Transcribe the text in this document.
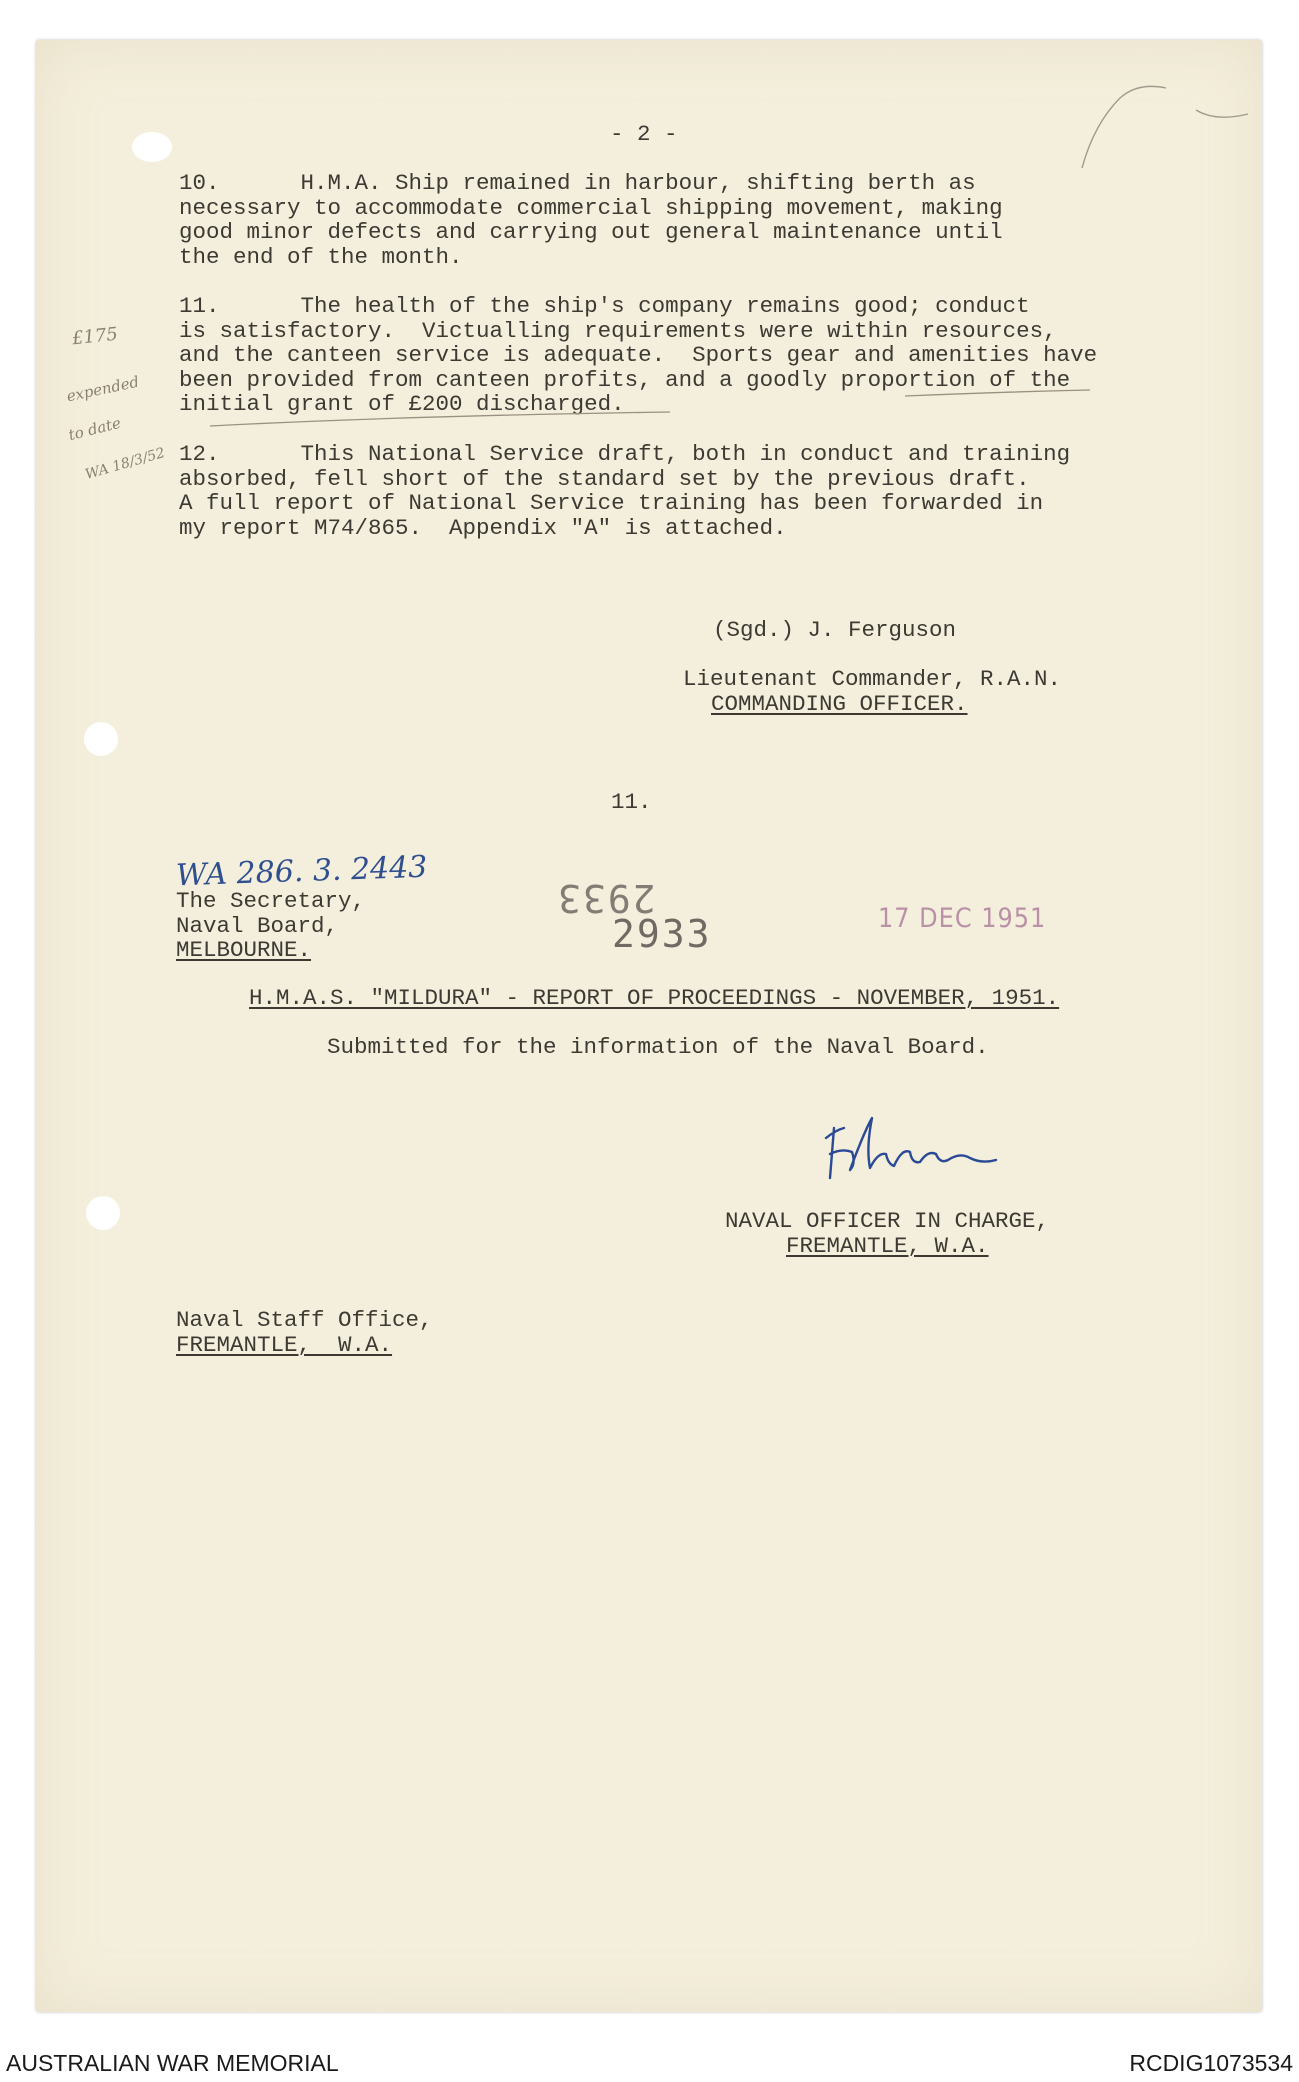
- 2 -
10.      H.M.A. Ship remained in harbour, shifting berth as
necessary to accommodate commercial shipping movement, making
good minor defects and carrying out general maintenance until
the end of the month.
11.      The health of the ship's company remains good; conduct
is satisfactory.  Victualling requirements were within resources,
and the canteen service is adequate.  Sports gear and amenities have
been provided from canteen profits, and a goodly proportion of the
initial grant of £200 discharged.
12.      This National Service draft, both in conduct and training
absorbed, fell short of the standard set by the previous draft.
A full report of National Service training has been forwarded in
my report M74/865.  Appendix "A" is attached.
£175
expended
to date
WA 18/3/52
(Sgd.) J. Ferguson
Lieutenant Commander, R.A.N.
COMMANDING OFFICER.
11.
WA 286. 3. 2443
The Secretary,
Naval Board,
MELBOURNE.
2933
2933	17 DEC 1951
H.M.A.S. "MILDURA" - REPORT OF PROCEEDINGS - NOVEMBER, 1951.
Submitted for the information of the Naval Board.
NAVAL OFFICER IN CHARGE,
FREMANTLE, W.A.
Naval Staff Office,
FREMANTLE,  W.A.
AUSTRALIAN WAR MEMORIAL	RCDIG1073534
